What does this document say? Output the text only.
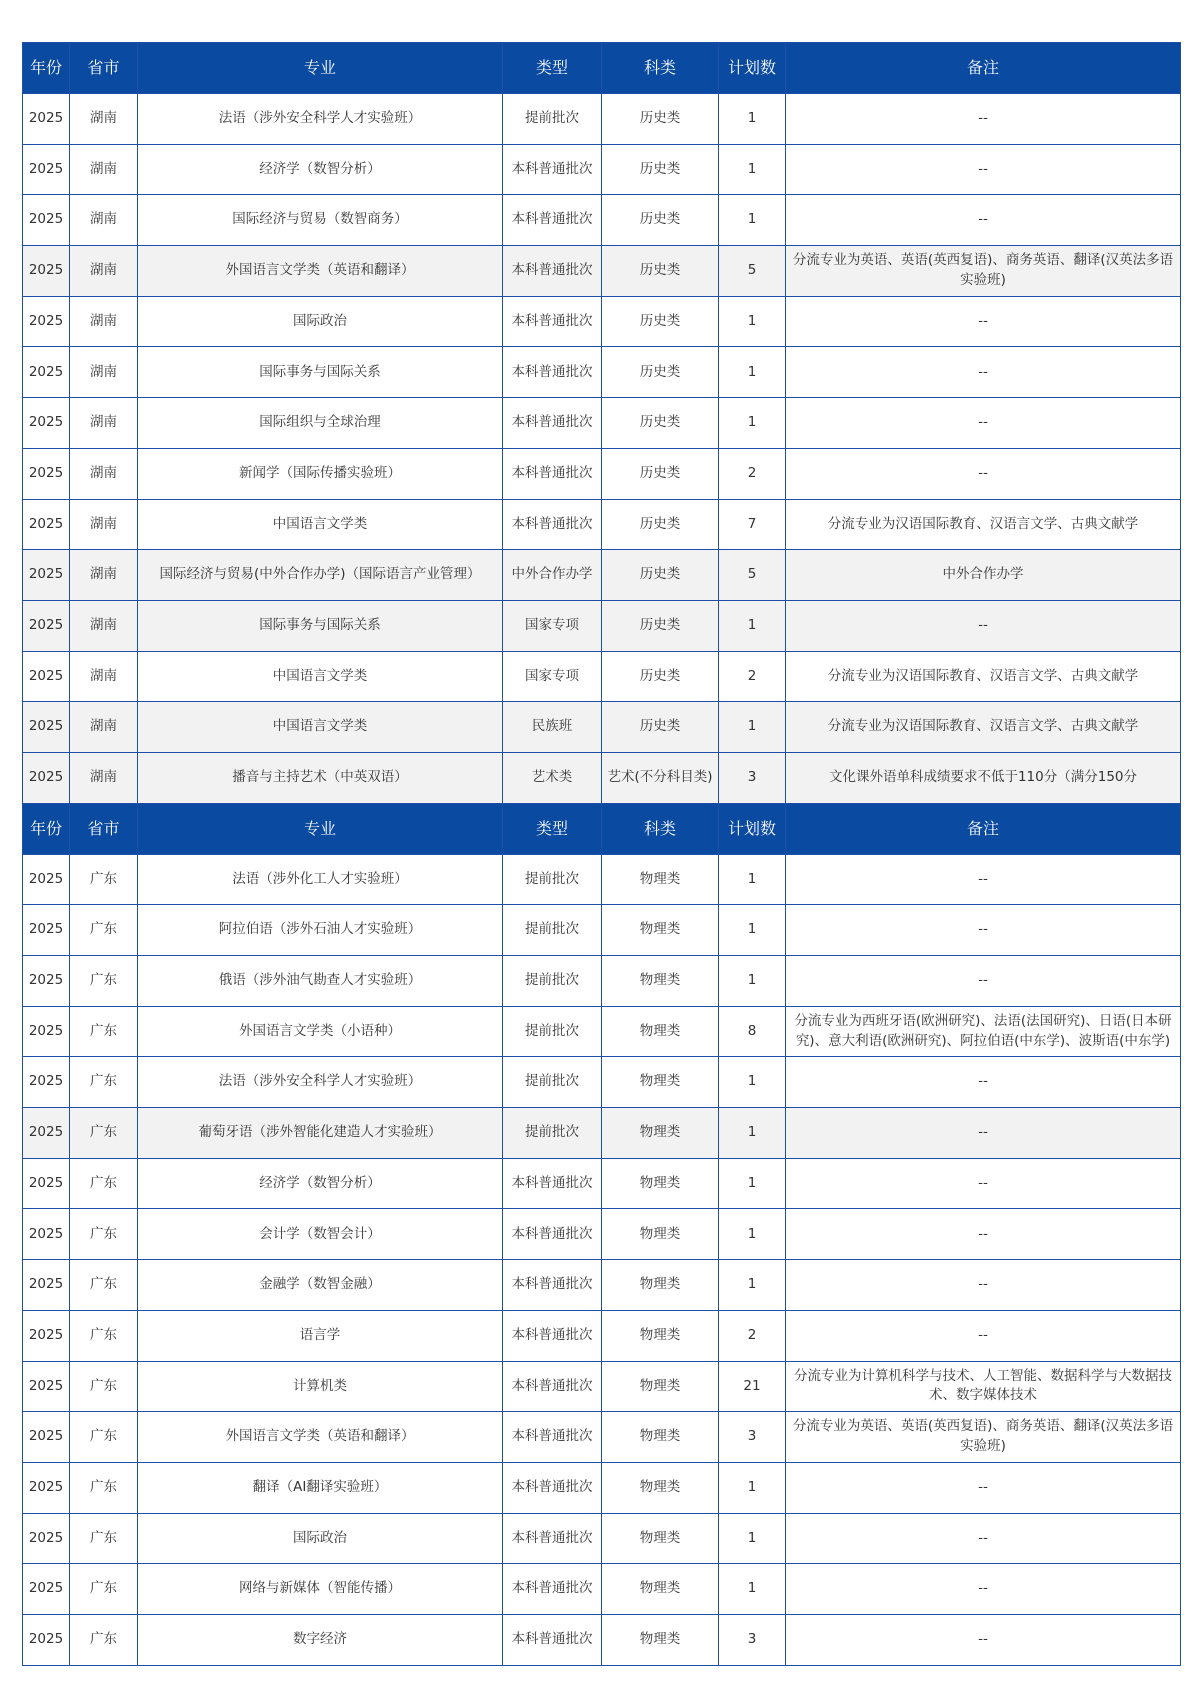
年份	省市	专业	类型	科类	计划数	备注
2025	湖南	法语（涉外安全科学人才实验班）	提前批次	历史类	1	--
2025	湖南	经济学（数智分析）	本科普通批次	历史类	1	--
2025	湖南	国际经济与贸易（数智商务）	本科普通批次	历史类	1	--
2025	湖南	外国语言文学类（英语和翻译）	本科普通批次	历史类	5	分流专业为英语、英语(英西复语)、商务英语、翻译(汉英法多语实验班)
2025	湖南	国际政治	本科普通批次	历史类	1	--
2025	湖南	国际事务与国际关系	本科普通批次	历史类	1	--
2025	湖南	国际组织与全球治理	本科普通批次	历史类	1	--
2025	湖南	新闻学（国际传播实验班）	本科普通批次	历史类	2	--
2025	湖南	中国语言文学类	本科普通批次	历史类	7	分流专业为汉语国际教育、汉语言文学、古典文献学
2025	湖南	国际经济与贸易(中外合作办学)（国际语言产业管理）	中外合作办学	历史类	5	中外合作办学
2025	湖南	国际事务与国际关系	国家专项	历史类	1	--
2025	湖南	中国语言文学类	国家专项	历史类	2	分流专业为汉语国际教育、汉语言文学、古典文献学
2025	湖南	中国语言文学类	民族班	历史类	1	分流专业为汉语国际教育、汉语言文学、古典文献学
2025	湖南	播音与主持艺术（中英双语）	艺术类	艺术(不分科目类)	3	文化课外语单科成绩要求不低于110分（满分150分
年份	省市	专业	类型	科类	计划数	备注
2025	广东	法语（涉外化工人才实验班）	提前批次	物理类	1	--
2025	广东	阿拉伯语（涉外石油人才实验班）	提前批次	物理类	1	--
2025	广东	俄语（涉外油气勘查人才实验班）	提前批次	物理类	1	--
2025	广东	外国语言文学类（小语种）	提前批次	物理类	8	分流专业为西班牙语(欧洲研究)、法语(法国研究)、日语(日本研究)、意大利语(欧洲研究)、阿拉伯语(中东学)、波斯语(中东学)
2025	广东	法语（涉外安全科学人才实验班）	提前批次	物理类	1	--
2025	广东	葡萄牙语（涉外智能化建造人才实验班）	提前批次	物理类	1	--
2025	广东	经济学（数智分析）	本科普通批次	物理类	1	--
2025	广东	会计学（数智会计）	本科普通批次	物理类	1	--
2025	广东	金融学（数智金融）	本科普通批次	物理类	1	--
2025	广东	语言学	本科普通批次	物理类	2	--
2025	广东	计算机类	本科普通批次	物理类	21	分流专业为计算机科学与技术、人工智能、数据科学与大数据技术、数字媒体技术
2025	广东	外国语言文学类（英语和翻译）	本科普通批次	物理类	3	分流专业为英语、英语(英西复语)、商务英语、翻译(汉英法多语实验班)
2025	广东	翻译（AI翻译实验班）	本科普通批次	物理类	1	--
2025	广东	国际政治	本科普通批次	物理类	1	--
2025	广东	网络与新媒体（智能传播）	本科普通批次	物理类	1	--
2025	广东	数字经济	本科普通批次	物理类	3	--
